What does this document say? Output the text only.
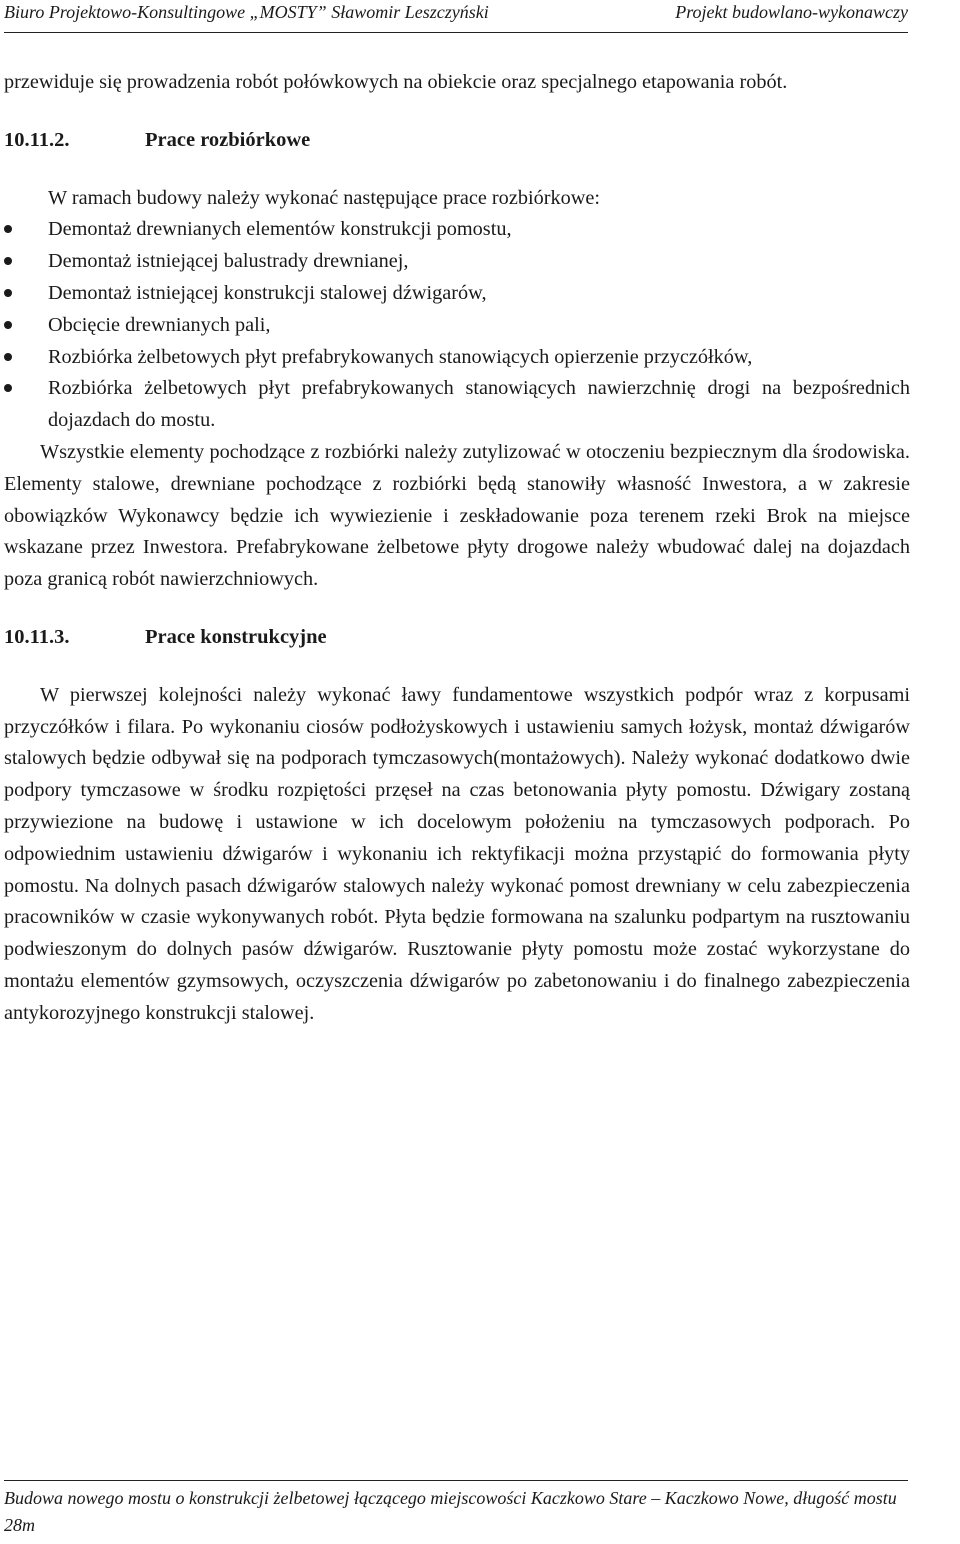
Biuro Projektowo-Konsultingowe „MOSTY” Sławomir Leszczyński	Projekt budowlano-wykonawczy

przewiduje się prowadzenia robót połówkowych na obiekcie oraz specjalnego etapowania robót.

10.11.2.	Prace rozbiórkowe

W ramach budowy należy wykonać następujące prace rozbiórkowe:

Demontaż drewnianych elementów konstrukcji pomostu,
Demontaż istniejącej balustrady drewnianej,
Demontaż istniejącej konstrukcji stalowej dźwigarów,
Obcięcie drewnianych pali,
Rozbiórka żelbetowych płyt prefabrykowanych stanowiących opierzenie przyczółków,
Rozbiórka żelbetowych płyt prefabrykowanych stanowiących nawierzchnię drogi na bezpośrednich dojazdach do mostu.

Wszystkie elementy pochodzące z rozbiórki należy zutylizować w otoczeniu bezpiecznym dla środowiska. Elementy stalowe, drewniane pochodzące z rozbiórki będą stanowiły własność Inwestora, a w zakresie obowiązków Wykonawcy będzie ich wywiezienie i zeskładowanie poza terenem rzeki Brok na miejsce wskazane przez Inwestora. Prefabrykowane żelbetowe płyty drogowe należy wbudować dalej na dojazdach poza granicą robót nawierzchniowych.

10.11.3.	Prace konstrukcyjne

W pierwszej kolejności należy wykonać ławy fundamentowe wszystkich podpór wraz z korpusami przyczółków i filara. Po wykonaniu ciosów podłożyskowych i ustawieniu samych łożysk, montaż dźwigarów stalowych będzie odbywał się na podporach tymczasowych(montażowych). Należy wykonać dodatkowo dwie podpory tymczasowe w środku rozpiętości przęseł na czas betonowania płyty pomostu. Dźwigary zostaną przywiezione na budowę i ustawione w ich docelowym położeniu na tymczasowych podporach. Po odpowiednim ustawieniu dźwigarów i wykonaniu ich rektyfikacji można przystąpić do formowania płyty pomostu. Na dolnych pasach dźwigarów stalowych należy wykonać pomost drewniany w celu zabezpieczenia pracowników w czasie wykonywanych robót. Płyta będzie formowana na szalunku podpartym na rusztowaniu podwieszonym do dolnych pasów dźwigarów. Rusztowanie płyty pomostu może zostać wykorzystane do montażu elementów gzymsowych, oczyszczenia dźwigarów po zabetonowaniu i do finalnego zabezpieczenia antykorozyjnego konstrukcji stalowej.

Budowa nowego mostu o konstrukcji żelbetowej łączącego miejscowości Kaczkowo Stare – Kaczkowo Nowe, długość mostu 28m
